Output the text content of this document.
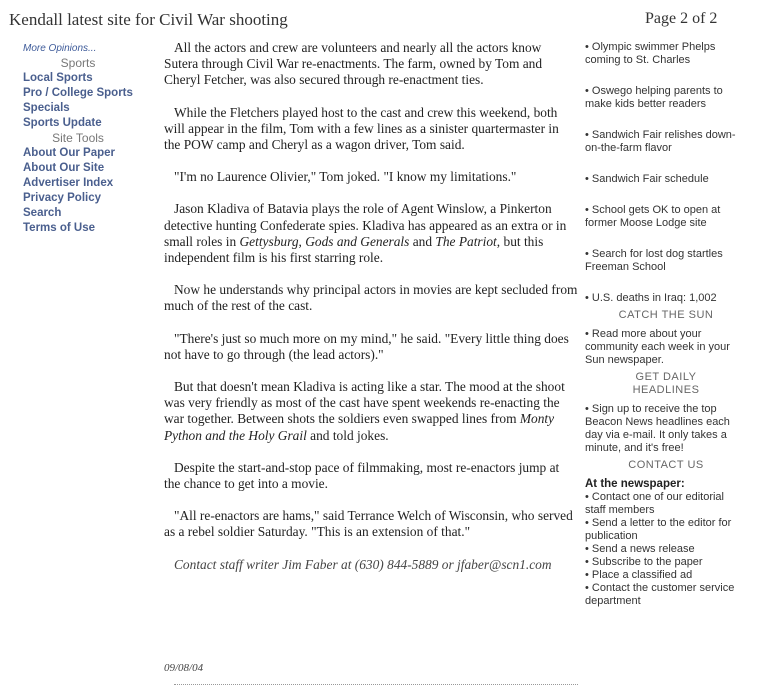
Kendall latest site for Civil War shooting	Page 2 of 2
More Opinions...
Sports
Local Sports
Pro / College Sports
Specials
Sports Update
Site Tools
About Our Paper
About Our Site
Advertiser Index
Privacy Policy
Search
Terms of Use

All the actors and crew are volunteers and nearly all the actors know Sutera through Civil War re-enactments. The farm, owned by Tom and Cheryl Fetcher, was also secured through re-enactment ties.

While the Fletchers played host to the cast and crew this weekend, both will appear in the film, Tom with a few lines as a sinister quartermaster in the POW camp and Cheryl as a wagon driver, Tom said.

"I'm no Laurence Olivier," Tom joked. "I know my limitations."

Jason Kladiva of Batavia plays the role of Agent Winslow, a Pinkerton detective hunting Confederate spies. Kladiva has appeared as an extra or in small roles in Gettysburg, Gods and Generals and The Patriot, but this independent film is his first starring role.

Now he understands why principal actors in movies are kept secluded from much of the rest of the cast.

"There's just so much more on my mind," he said. "Every little thing does not have to go through (the lead actors)."

But that doesn't mean Kladiva is acting like a star. The mood at the shoot was very friendly as most of the cast have spent weekends re-enacting the war together. Between shots the soldiers even swapped lines from Monty Python and the Holy Grail and told jokes.

Despite the start-and-stop pace of filmmaking, most re-enactors jump at the chance to get into a movie.

"All re-enactors are hams," said Terrance Welch of Wisconsin, who served as a rebel soldier Saturday. "This is an extension of that."

Contact staff writer Jim Faber at (630) 844-5889 or jfaber@scn1.com

09/08/04
• Olympic swimmer Phelps coming to St. Charles
• Oswego helping parents to make kids better readers
• Sandwich Fair relishes down-on-the-farm flavor
• Sandwich Fair schedule
• School gets OK to open at former Moose Lodge site
• Search for lost dog startles Freeman School
• U.S. deaths in Iraq: 1,002
CATCH THE SUN
• Read more about your community each week in your Sun newspaper.
GET DAILY
HEADLINES
• Sign up to receive the top Beacon News headlines each day via e-mail. It only takes a minute, and it's free!
CONTACT US
At the newspaper:
• Contact one of our editorial staff members
• Send a letter to the editor for publication
• Send a news release
• Subscribe to the paper
• Place a classified ad
• Contact the customer service department
